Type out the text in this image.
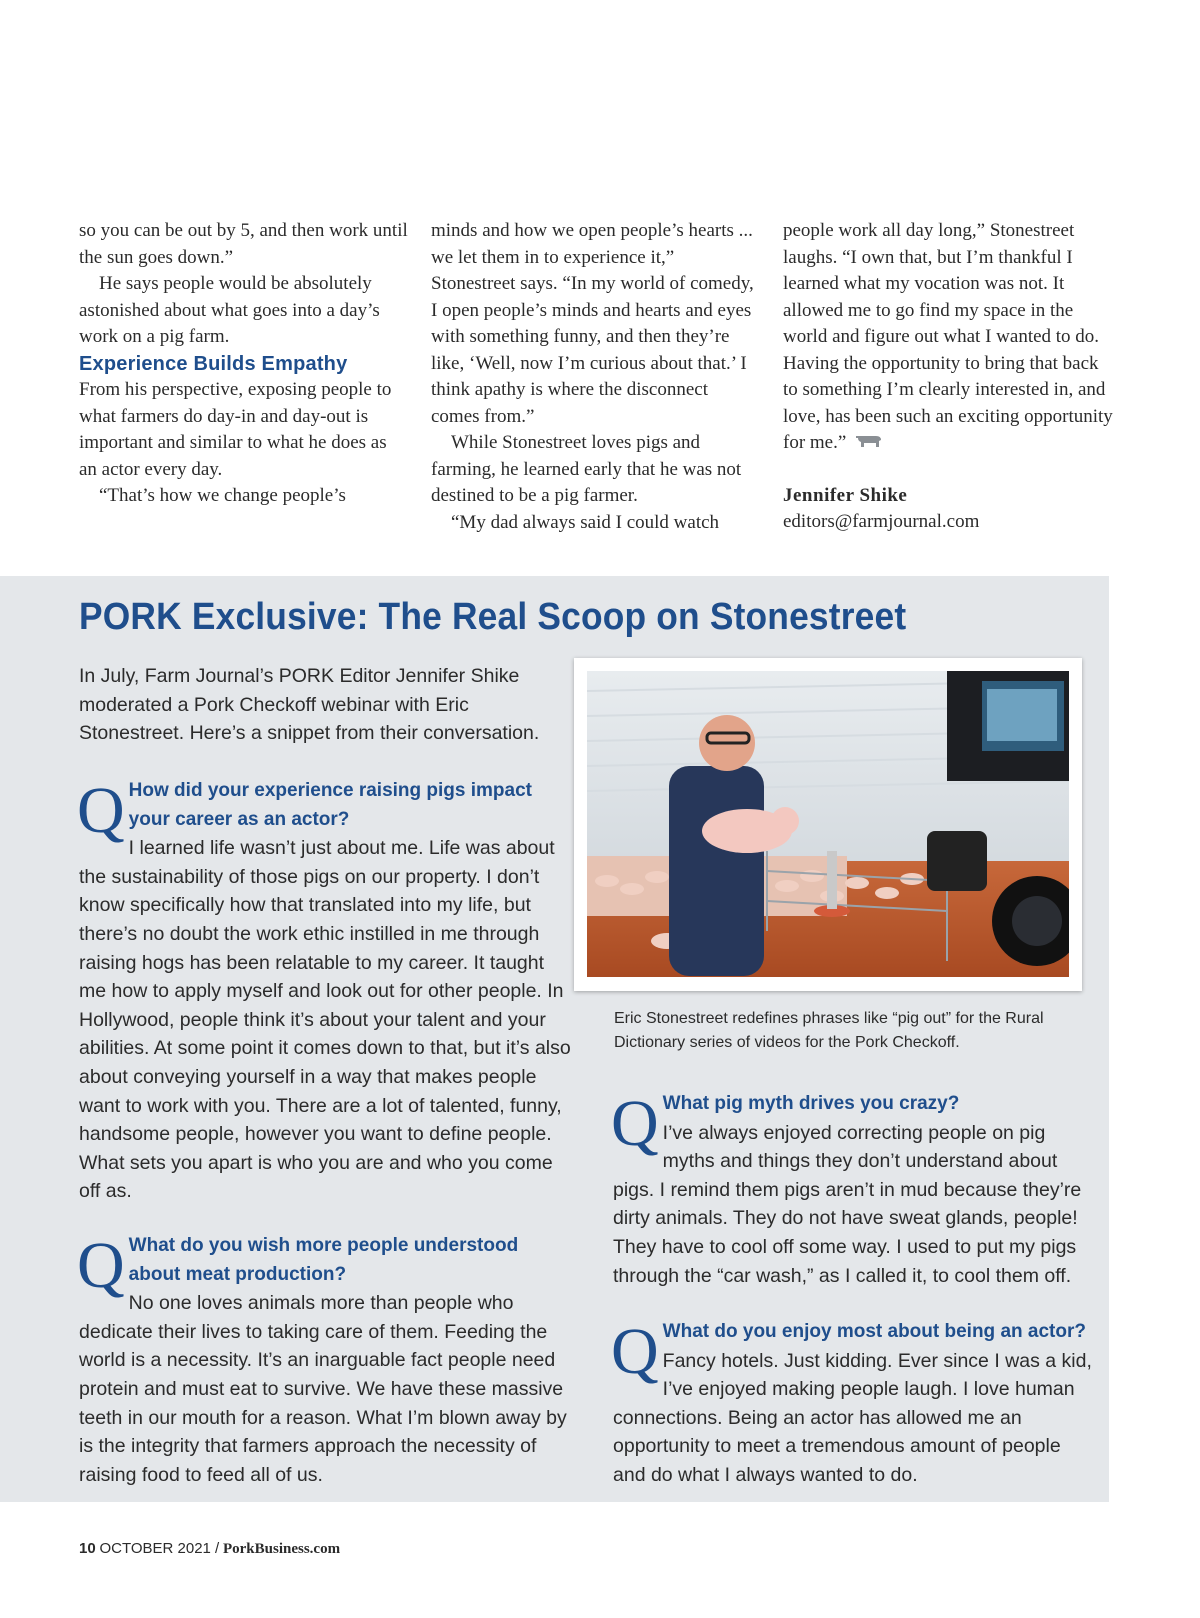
so you can be out by 5, and then work until the sun goes down.”

He says people would be absolutely astonished about what goes into a day’s work on a pig farm.

Experience Builds Empathy

From his perspective, exposing people to what farmers do day-in and day-out is important and similar to what he does as an actor every day.

“That’s how we change people’s

minds and how we open people’s hearts ... we let them in to experience it,” Stonestreet says. “In my world of comedy, I open people’s minds and hearts and eyes with something funny, and then they’re like, ‘Well, now I’m curious about that.’ I think apathy is where the disconnect comes from.”

While Stonestreet loves pigs and farming, he learned early that he was not destined to be a pig farmer.

“My dad always said I could watch

people work all day long,” Stonestreet laughs. “I own that, but I’m thankful I learned what my vocation was not. It allowed me to go find my space in the world and figure out what I wanted to do. Having the opportunity to bring that back to something I’m clearly interested in, and love, has been such an exciting opportunity for me.”

Jennifer Shike

editors@farmjournal.com

PORK Exclusive: The Real Scoop on Stonestreet

In July, Farm Journal’s PORK Editor Jennifer Shike moderated a Pork Checkoff webinar with Eric Stonestreet. Here’s a snippet from their conversation.

Q How did your experience raising pigs impact your career as an actor?

I learned life wasn’t just about me. Life was about the sustainability of those pigs on our property. I don’t know specifically how that translated into my life, but there’s no doubt the work ethic instilled in me through raising hogs has been relatable to my career. It taught me how to apply myself and look out for other people. In Hollywood, people think it’s about your talent and your abilities. At some point it comes down to that, but it’s also about conveying yourself in a way that makes people want to work with you. There are a lot of talented, funny, handsome people, however you want to define people. What sets you apart is who you are and who you come off as.

Q What do you wish more people understood about meat production?

No one loves animals more than people who dedicate their lives to taking care of them. Feeding the world is a necessity. It’s an inarguable fact people need protein and must eat to survive. We have these massive teeth in our mouth for a reason. What I’m blown away by is the integrity that farmers approach the necessity of raising food to feed all of us.

Eric Stonestreet redefines phrases like “pig out” for the Rural Dictionary series of videos for the Pork Checkoff.

Q What pig myth drives you crazy?

I’ve always enjoyed correcting people on pig myths and things they don’t understand about pigs. I remind them pigs aren’t in mud because they’re dirty animals. They do not have sweat glands, people! They have to cool off some way. I used to put my pigs through the “car wash,” as I called it, to cool them off.

Q What do you enjoy most about being an actor?

Fancy hotels. Just kidding. Ever since I was a kid, I’ve enjoyed making people laugh. I love human connections. Being an actor has allowed me an opportunity to meet a tremendous amount of people and do what I always wanted to do.

10 OCTOBER 2021 / PorkBusiness.com
